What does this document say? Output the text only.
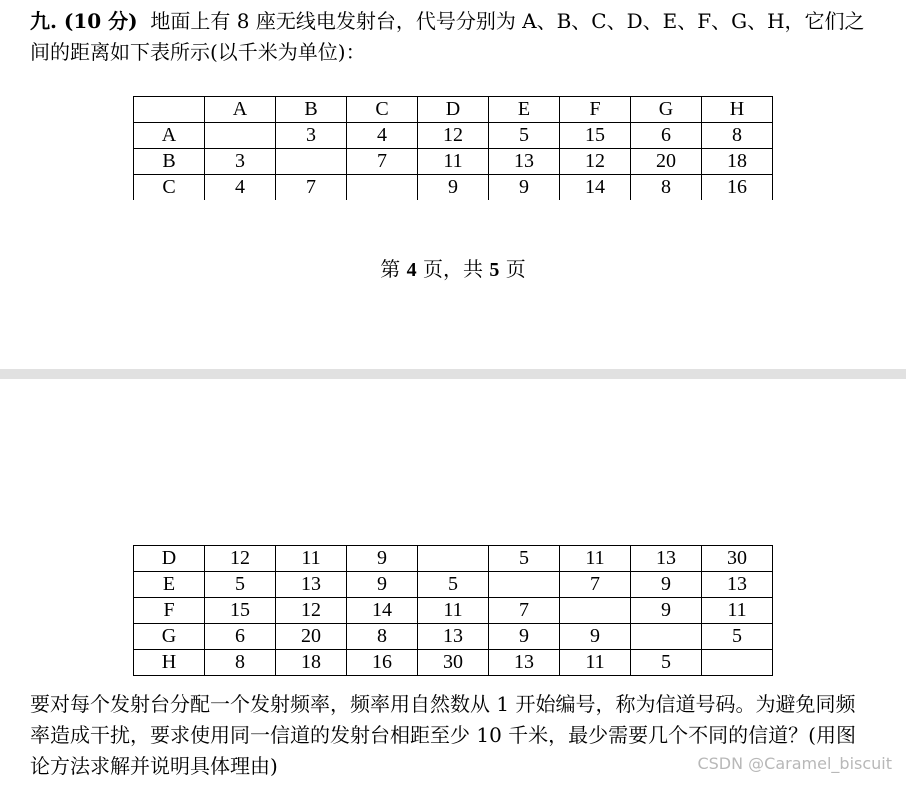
九. (10 分) 地面上有 8 座无线电发射台，代号分别为 A、B、C、D、E、F、G、H，它们之间的距离如下表所示(以千米为单位)：

	A	B	C	D	E	F	G	H
A		3	4	12	5	15	6	8
B	3		7	11	13	12	20	18
C	4	7		9	9	14	8	16

第 4 页，共 5 页

D	12	11	9		5	11	13	30
E	5	13	9	5		7	9	13
F	15	12	14	11	7		9	11
G	6	20	8	13	9	9		5
H	8	18	16	30	13	11	5	

要对每个发射台分配一个发射频率，频率用自然数从 1 开始编号，称为信道号码。为避免同频率造成干扰，要求使用同一信道的发射台相距至少 10 千米，最少需要几个不同的信道？(用图论方法求解并说明具体理由)	CSDN @Caramel_biscuit
